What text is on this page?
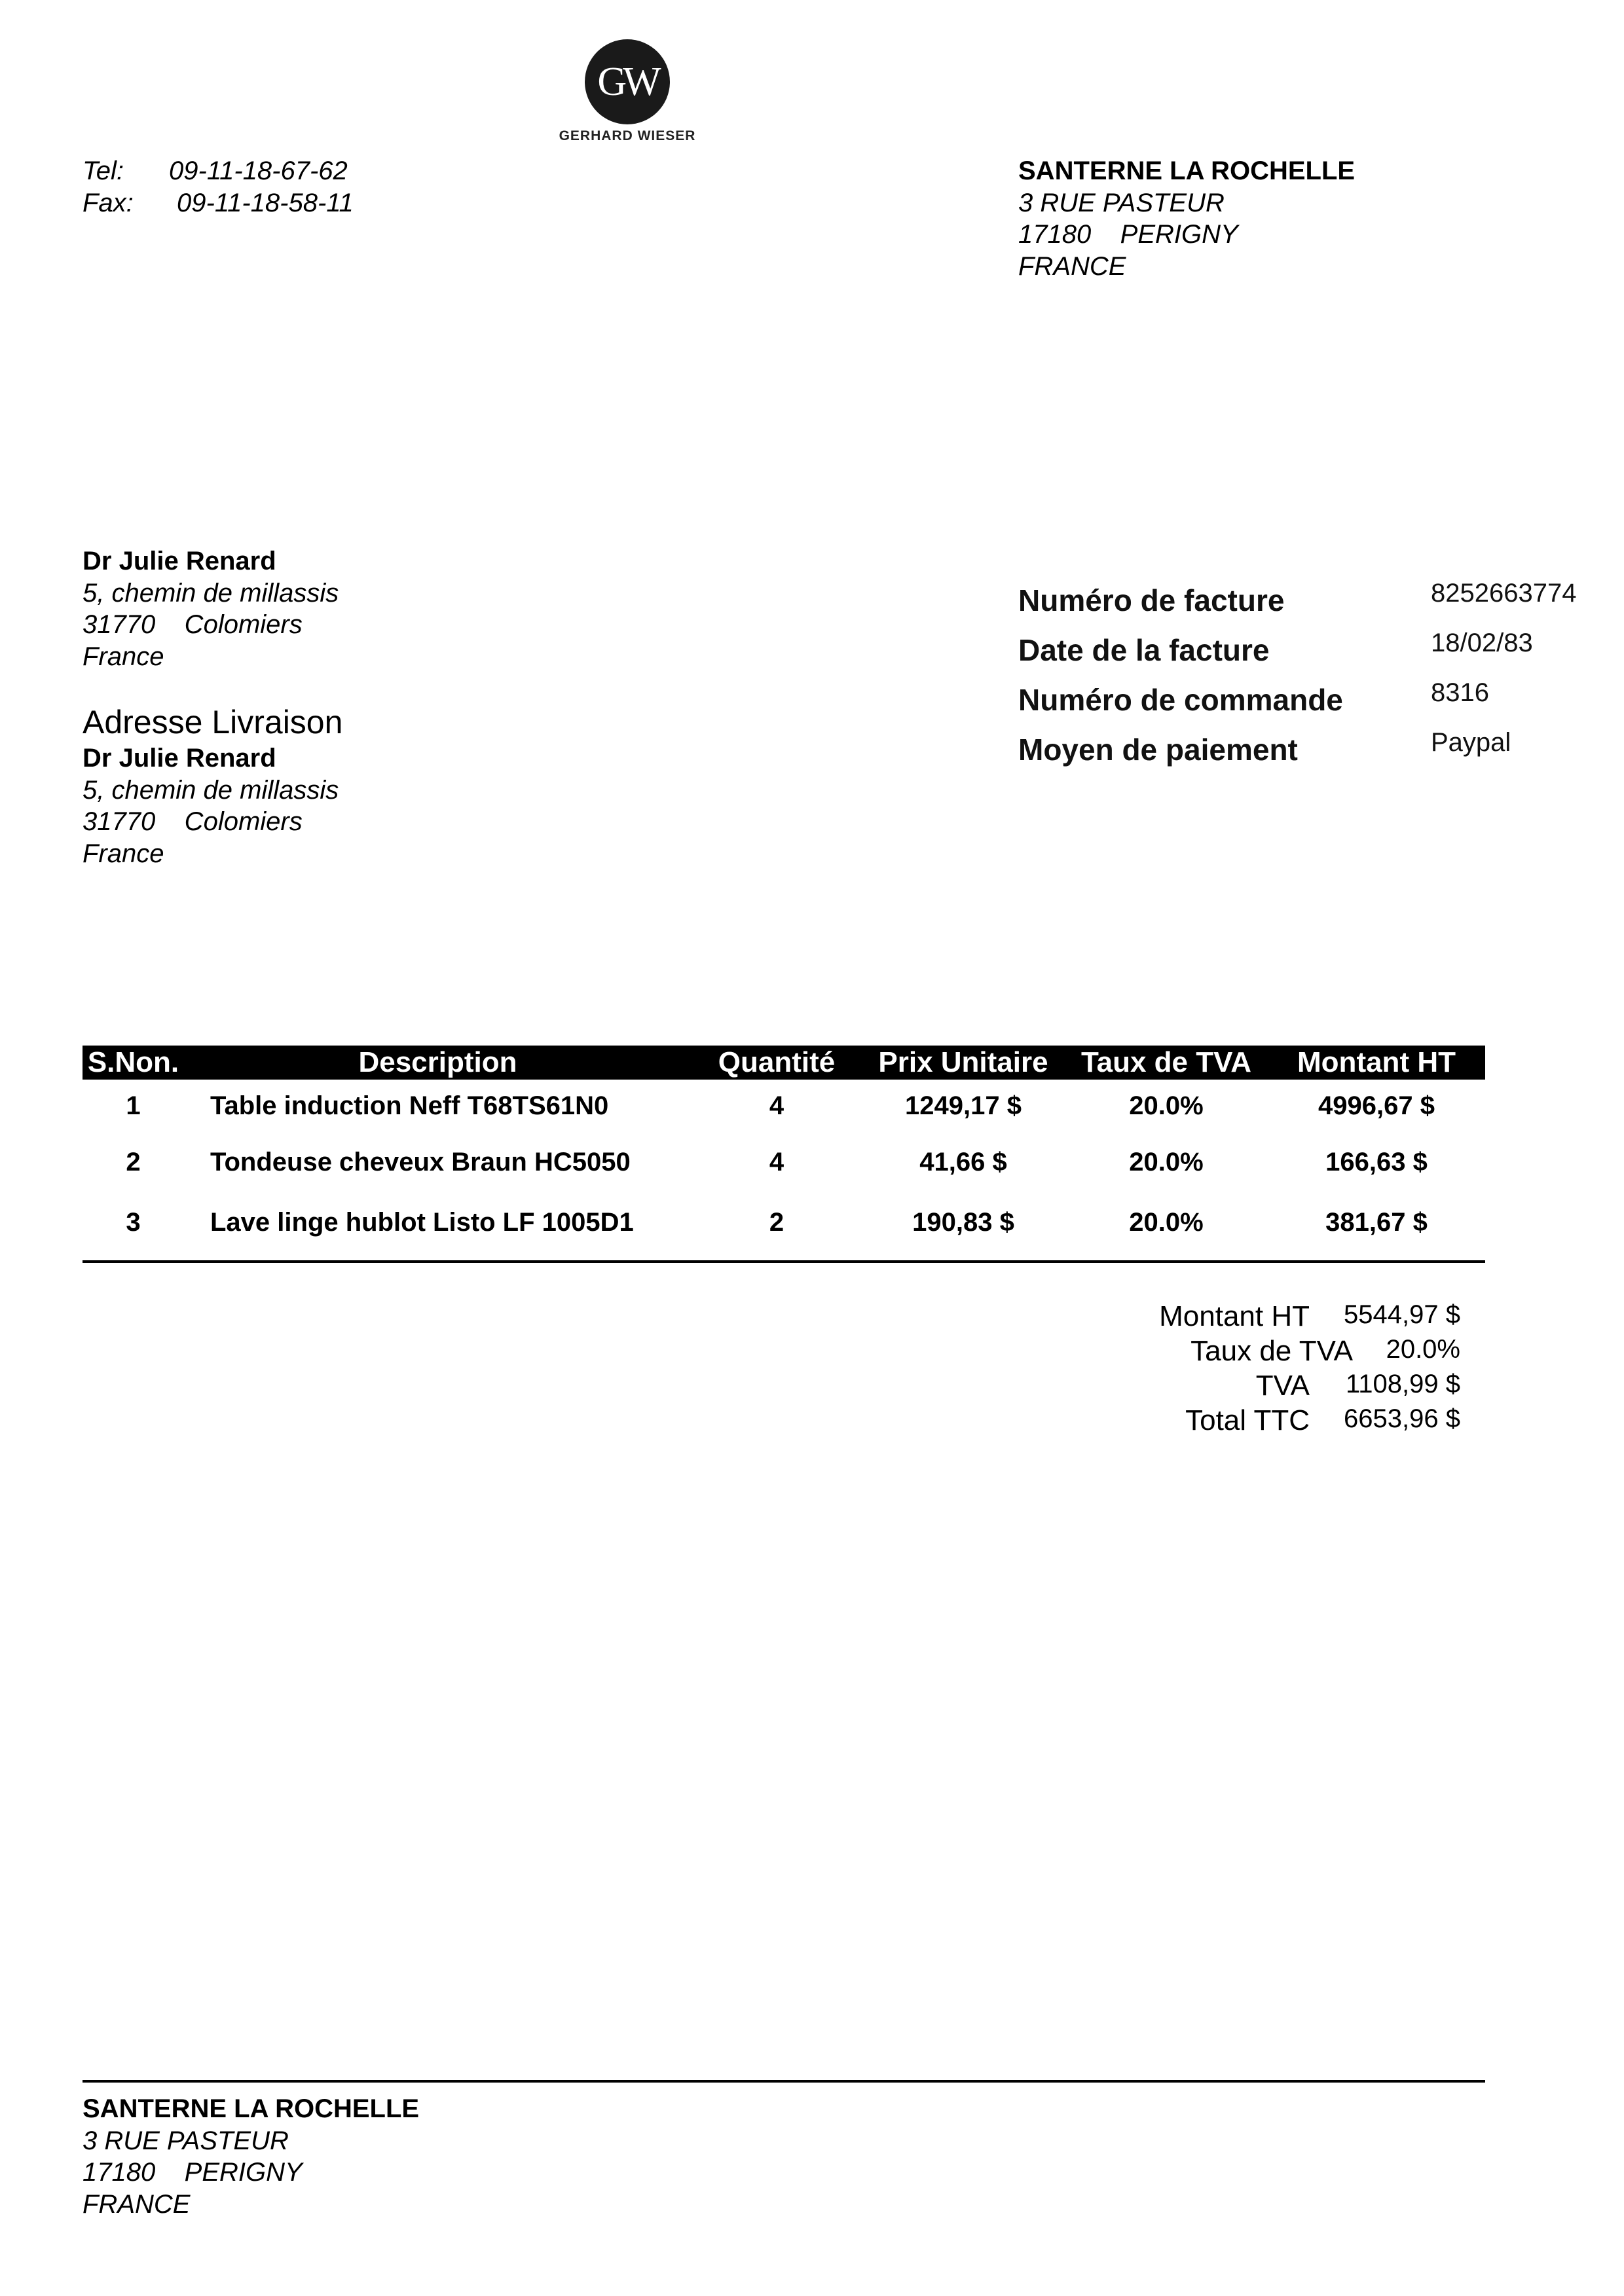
GW
GERHARD WIESER
Tel:	09-11-18-67-62
Fax:	09-11-18-58-11
SANTERNE LA ROCHELLE
3 RUE PASTEUR
17180    PERIGNY
FRANCE
Dr Julie Renard
5, chemin de millassis
31770    Colomiers
France
Adresse Livraison
Dr Julie Renard
5, chemin de millassis
31770    Colomiers
France
Numéro de facture	8252663774
Date de la facture	18/02/83
Numéro de commande	8316
Moyen de paiement	Paypal
S.Non.	Description	Quantité	Prix Unitaire	Taux de TVA	Montant HT
1	Table induction Neff T68TS61N0	4	1249,17 $	20.0%	4996,67 $
2	Tondeuse cheveux Braun HC5050	4	41,66 $	20.0%	166,63 $
3	Lave linge hublot Listo LF 1005D1	2	190,83 $	20.0%	381,67 $
Montant HT 5544,97 $
Taux de TVA 20.0%
TVA 1108,99 $
Total TTC 6653,96 $
SANTERNE LA ROCHELLE
3 RUE PASTEUR
17180    PERIGNY
FRANCE
